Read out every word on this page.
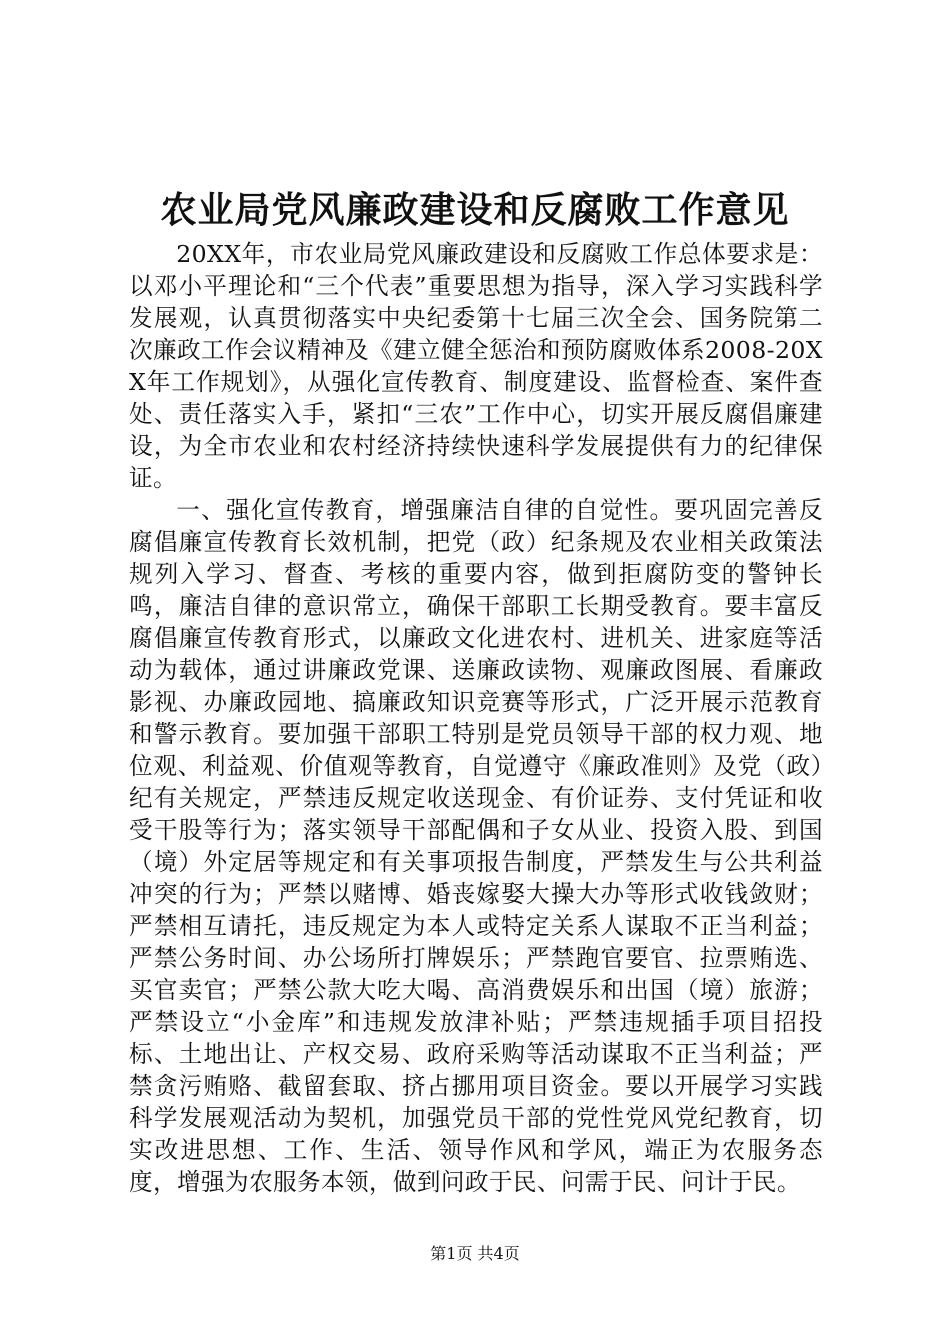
农业局党风廉政建设和反腐败工作意见

20XX年，市农业局党风廉政建设和反腐败工作总体要求是：以邓小平理论和“三个代表”重要思想为指导，深入学习实践科学发展观，认真贯彻落实中央纪委第十七届三次全会、国务院第二次廉政工作会议精神及《建立健全惩治和预防腐败体系2008-20XX年工作规划》，从强化宣传教育、制度建设、监督检查、案件查处、责任落实入手，紧扣“三农”工作中心，切实开展反腐倡廉建设，为全市农业和农村经济持续快速科学发展提供有力的纪律保证。

一、强化宣传教育，增强廉洁自律的自觉性。要巩固完善反腐倡廉宣传教育长效机制，把党（政）纪条规及农业相关政策法规列入学习、督查、考核的重要内容，做到拒腐防变的警钟长鸣，廉洁自律的意识常立，确保干部职工长期受教育。要丰富反腐倡廉宣传教育形式，以廉政文化进农村、进机关、进家庭等活动为载体，通过讲廉政党课、送廉政读物、观廉政图展、看廉政影视、办廉政园地、搞廉政知识竞赛等形式，广泛开展示范教育和警示教育。要加强干部职工特别是党员领导干部的权力观、地位观、利益观、价值观等教育，自觉遵守《廉政准则》及党（政）纪有关规定，严禁违反规定收送现金、有价证券、支付凭证和收受干股等行为；落实领导干部配偶和子女从业、投资入股、到国（境）外定居等规定和有关事项报告制度，严禁发生与公共利益冲突的行为；严禁以赌博、婚丧嫁娶大操大办等形式收钱敛财；严禁相互请托，违反规定为本人或特定关系人谋取不正当利益；严禁公务时间、办公场所打牌娱乐；严禁跑官要官、拉票贿选、买官卖官；严禁公款大吃大喝、高消费娱乐和出国（境）旅游；严禁设立“小金库”和违规发放津补贴；严禁违规插手项目招投标、土地出让、产权交易、政府采购等活动谋取不正当利益；严禁贪污贿赂、截留套取、挤占挪用项目资金。要以开展学习实践科学发展观活动为契机，加强党员干部的党性党风党纪教育，切实改进思想、工作、生活、领导作风和学风，端正为农服务态度，增强为农服务本领，做到问政于民、问需于民、问计于民。

第1页 共4页
